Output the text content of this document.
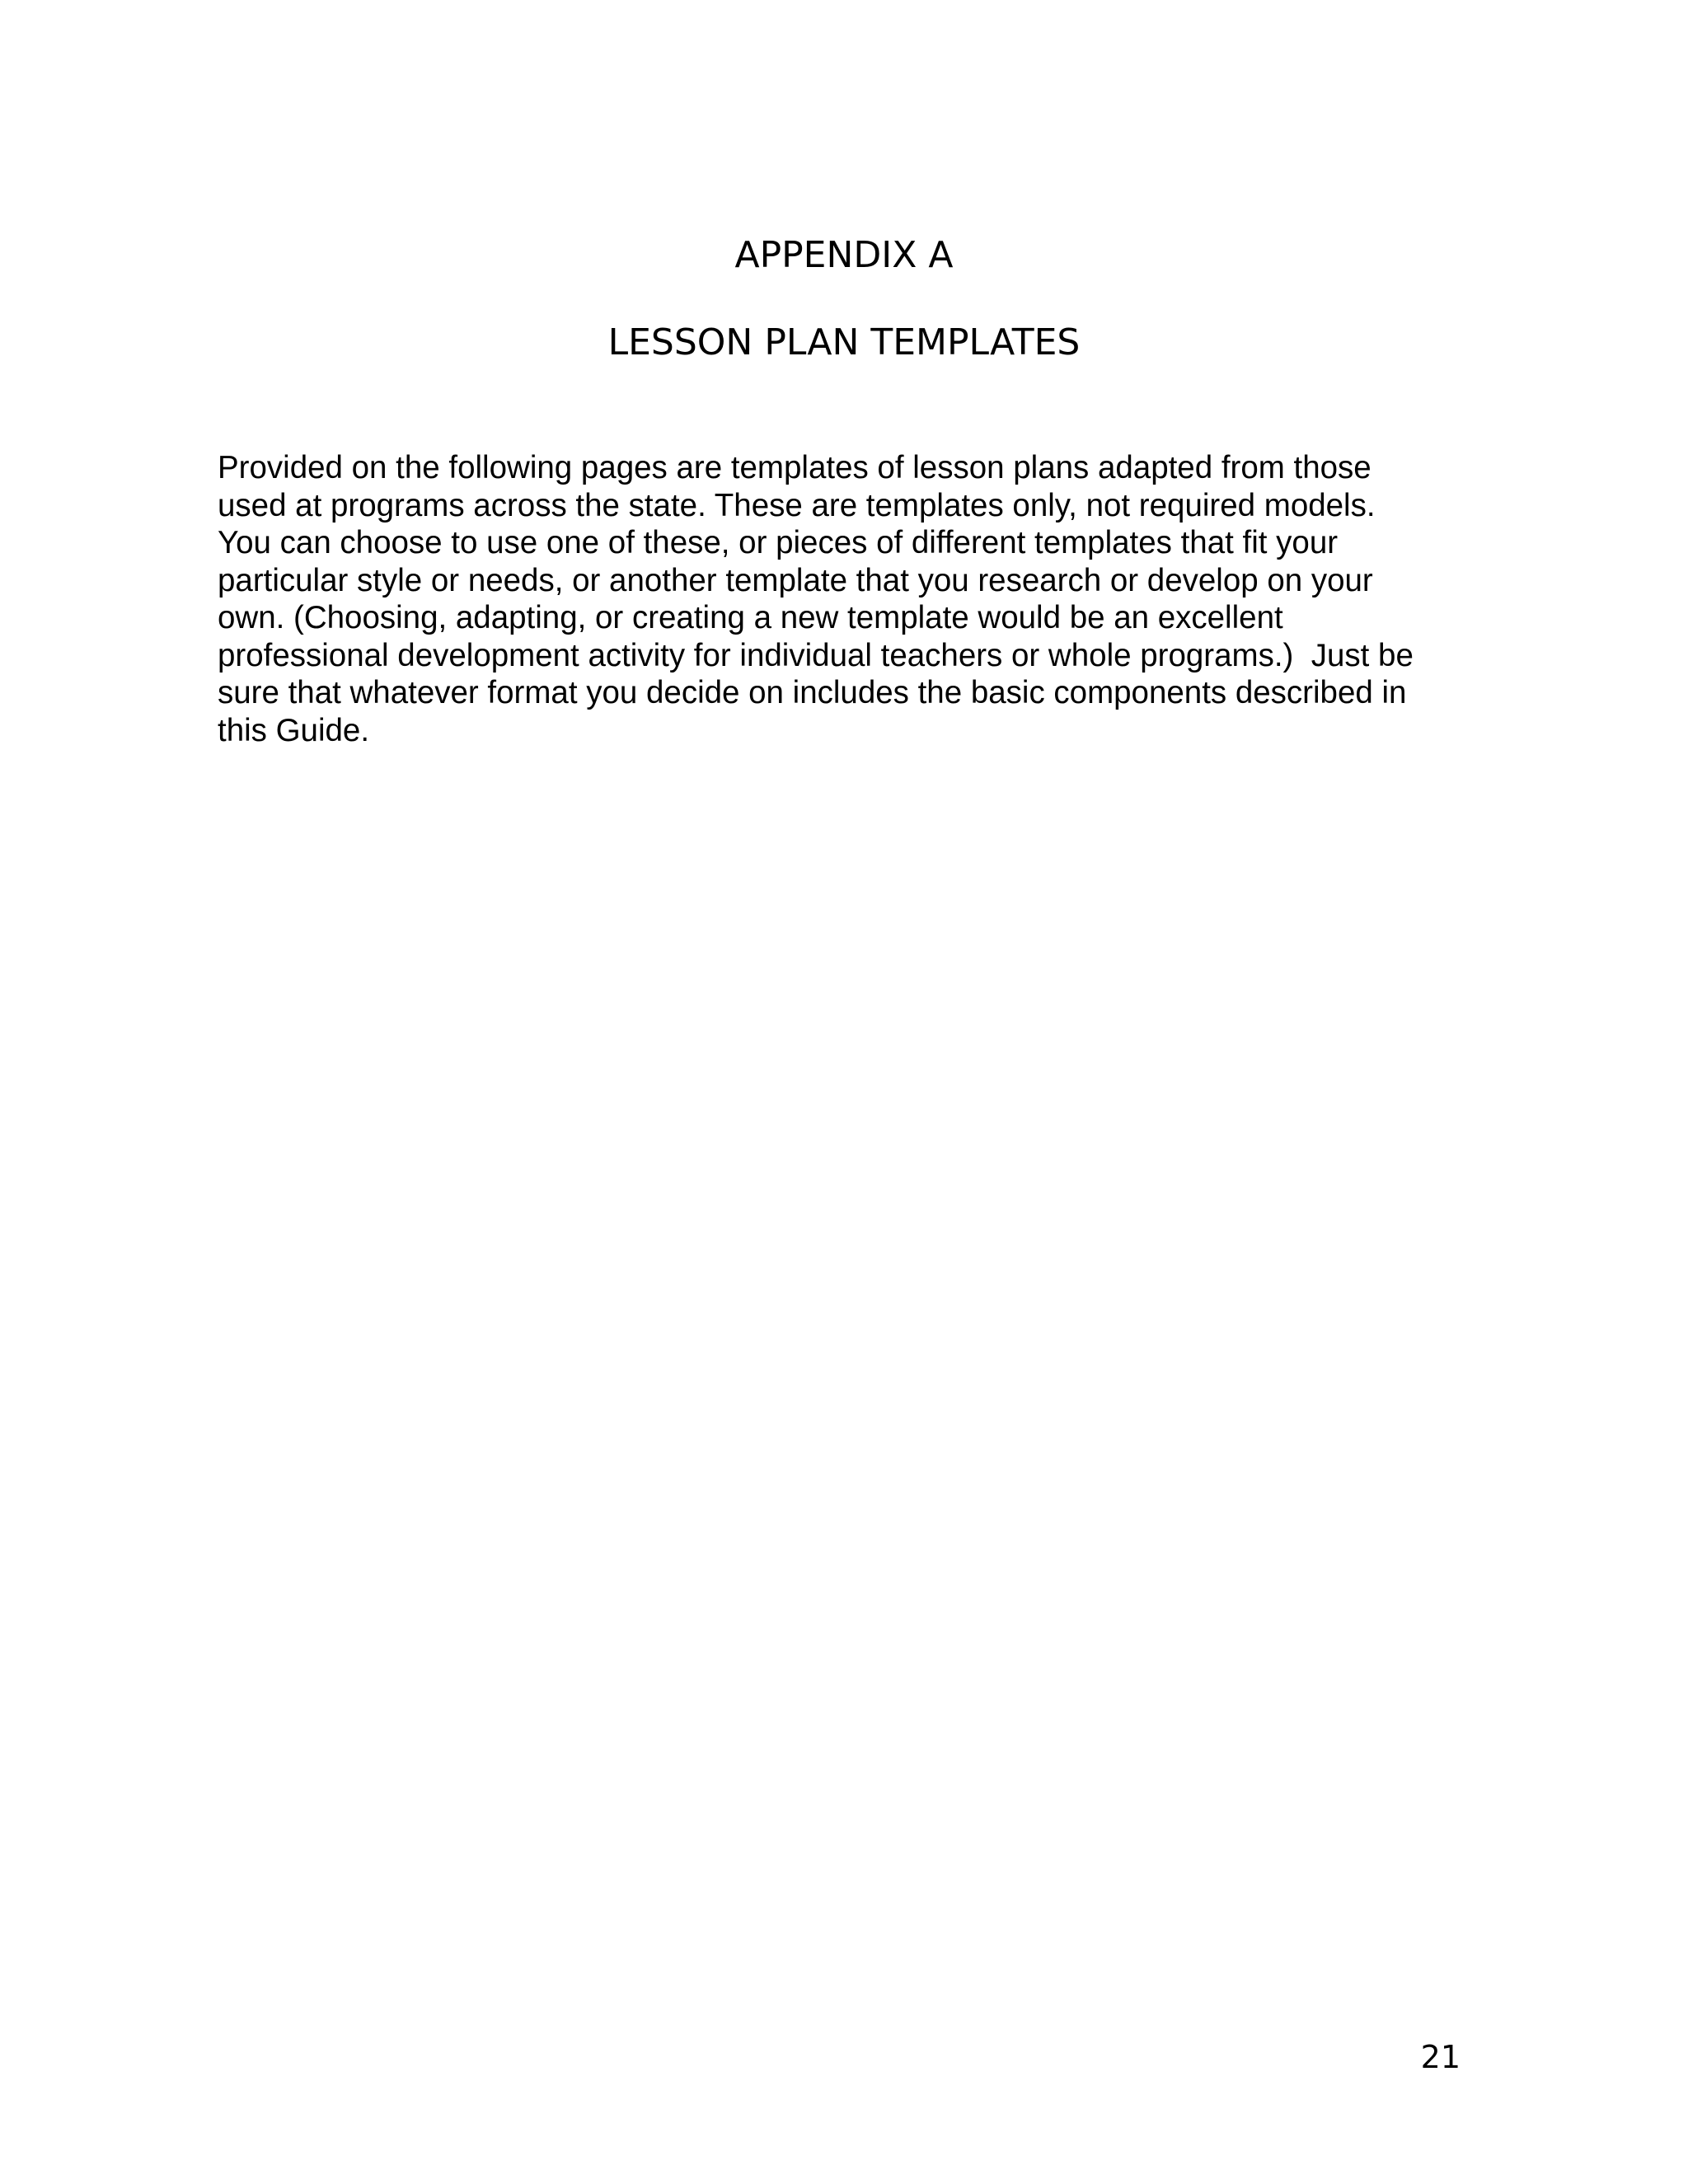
APPENDIX A
LESSON PLAN TEMPLATES

Provided on the following pages are templates of lesson plans adapted from those
used at programs across the state. These are templates only, not required models.
You can choose to use one of these, or pieces of different templates that fit your
particular style or needs, or another template that you research or develop on your
own. (Choosing, adapting, or creating a new template would be an excellent
professional development activity for individual teachers or whole programs.)  Just be
sure that whatever format you decide on includes the basic components described in
this Guide.

21
